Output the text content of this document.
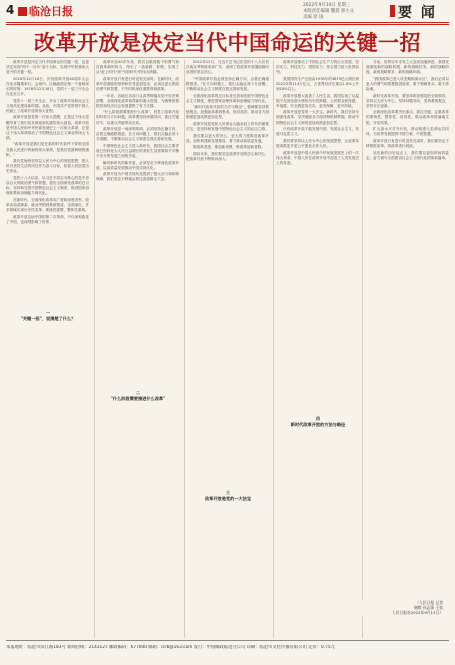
4	临沧日报	2022年9月14日 星期三
本版责任编辑 魏荔 郭小文
美编 徐 国	要 闻
改革开放是决定当代中国命运的关键一招

改革开放是决定当代中国命运的关键一招，也是决定实现"两个一百年"奋斗目标、实现中华民族伟大复兴的关键一招。

2018年12月18日，庆祝改革开放40周年大会在北京隆重举行。会场内，巨幅画面定格一个意味深长的时刻：1978年12月18日，党的十一届三中全会在北京召开。

党的十一届三中全会，开启了改革开放和社会主义现代化建设新时期。从此，中国共产党带领中国人民踏上了改革开放的伟大征程。

改革开放是党的一次伟大觉醒，正是这个伟大觉醒孕育了我们党从理论到实践的伟大创造。改革开放是中国人民和中华民族发展史上一次伟大革命，正是这个伟大革命推动了中国特色社会主义事业的伟大飞跃。

"改革开放是我们党在新的时代条件下带领全国各族人民进行的新的伟大革命，是我们党最鲜明的旗帜。"

我们党始终坚持以人民为中心的发展思想，把人民对美好生活的向往作为奋斗目标，依靠人民创造历史伟业。

党的十八大以来，以习近平同志为核心的党中央以巨大的政治勇气和智慧，提出全面深化改革的总目标，坚持和完善中国特色社会主义制度、推进国家治理体系和治理能力现代化。

在新时代，全面深化改革向广度和深度进军，改革由局部探索、破冰突围到系统集成、全面深化，许多领域实现历史性变革、系统性重塑、整体性重构。

改革开放这场中国的第二次革命，不仅深刻改变了中国，也深刻影响了世界。

改革开放40多年来，我们以敢闯敢干的勇气和自我革新的担当，闯出了一条新路、好路，实现了从"赶上时代"到"引领时代"的伟大跨越。

改革开放只有进行时没有完成时。在新时代，改革开放面临的形势和任务更加复杂，必须以更大的政治勇气和智慧，不失时机深化重要领域改革。

一年来，各地区各部门认真贯彻落实党中央决策部署，全面深化改革取得新的重大进展，为统筹疫情防控和经济社会发展提供了有力支撑。

"什么阶段需要推进什么改革"，回答了改革开放的时机与方向问题。改革要坚持问题导向，抓住关键环节，以重点突破带动全局。

改革开放是一场深刻革命，必须坚持正确方向，沿着正确道路推进。在方向问题上，我们头脑必须十分清醒，不断推动社会主义制度自我完善和发展。

中国特色社会主义进入新时代，我国社会主要矛盾已经转化为人民日益增长的美好生活需要和不平衡不充分的发展之间的矛盾。

解决新时代的新矛盾，必须坚定不移深化改革开放，以高质量发展推动中国式现代化。

改革开放为中国式现代化提供了强大动力和体制保障，我们坚定不移地沿着这条道路走下去。

2012年12月，习近平总书记在党的十八大后首次离京考察就来到广东，表明了将改革开放继续推向前进的坚定决心。

"中国改革开放必须坚持正确方向，沿着正确道路推进。"在方向问题上，我们头脑必须十分清醒，不断推动社会主义制度自我完善和发展。

全面深化改革的总目标是完善和发展中国特色社会主义制度，推进国家治理体系和治理能力现代化。

"新时代改革开放的方法与路径"，强调要坚持系统观念，加强改革系统集成、协同高效，推动各方面制度更加成熟更加定型。

改革开放是党和人民事业大踏步赶上时代的重要法宝，是坚持和发展中国特色社会主义的必由之路。

我们要以更大的决心、更大的力度推进改革开放，加快构建新发展格局，着力推动高质量发展。

惟改革者进，惟创新者强，惟改革创新者胜。

面向未来，我们要坚定改革开放的信心和决心，把改革开放不断推向深入。

改革开放推动了中国社会生产力的巨大发展，经济实力、科技实力、国防实力、综合国力进入世界前列。

我国国内生产总值由1978年的3679亿元增长到2021年的114万亿元，占世界经济比重从1.8%上升到18%以上。

改革开放极大改善了人民生活，我国实现了从温饱不足到全面小康的历史性跨越，人民群众获得感、幸福感、安全感更加充实、更有保障、更可持续。

改革开放是党的一大法宝。新时代，我们坚持全面深化改革，坚决破除各方面体制机制弊端，推动中国特色社会主义制度更加成熟更加定型。

只有改革开放才能发展中国、发展社会主义、发展马克思主义。

我们要坚持以人民为中心的发展思想，让改革发展成果更多更公平惠及全体人民。

改革开放是中国人民和中华民族发展史上的一次伟大革命，中国人民在改革开放中创造了人类发展史上的奇迹。

当前，世界百年未有之大变局加速演进，我国发展面临新的战略机遇、新的战略任务、新的战略阶段、新的战略要求、新的战略环境。

"我国改革已进入攻坚期和深水区"，我们必须以更大的勇气和智慧推进改革，敢于啃硬骨头，敢于涉险滩。

新时代改革开放，要坚持和加强党的全面领导，坚持以人民为中心，坚持问题导向，坚持系统观念，坚持守正创新。

全面深化改革要突出重点，抓住关键，注重改革的系统性、整体性、协同性，推动改革举措落地生根、开花结果。

扩大高水平对外开放，推动构建人类命运共同体，为世界发展提供中国方案、中国智慧。

改革开放只有进行时没有完成时，我们要坚定不移推进改革，将改革进行到底。

站在新的历史起点上，我们要以更加昂扬的姿态，奋力谱写全面建设社会主义现代化国家新篇章。

一
"关键一招"，说清楚了什么？
二
"什么阶段需要推进什么改革"
三
改革开放是党的一大法宝
四
新时代改革开放的方法与路径
（人民日报 记者
谢维 孙志锋 王钦
人民日报社2022年9月13日）
本报地址：临沧市滨江路183号 新闻热线：2143127 邮政编码：677000 邮箱：lcrb@163.com 发行：中国邮政临沧分公司 印刷：临沧市文化传播有限公司 定价：0.75元
